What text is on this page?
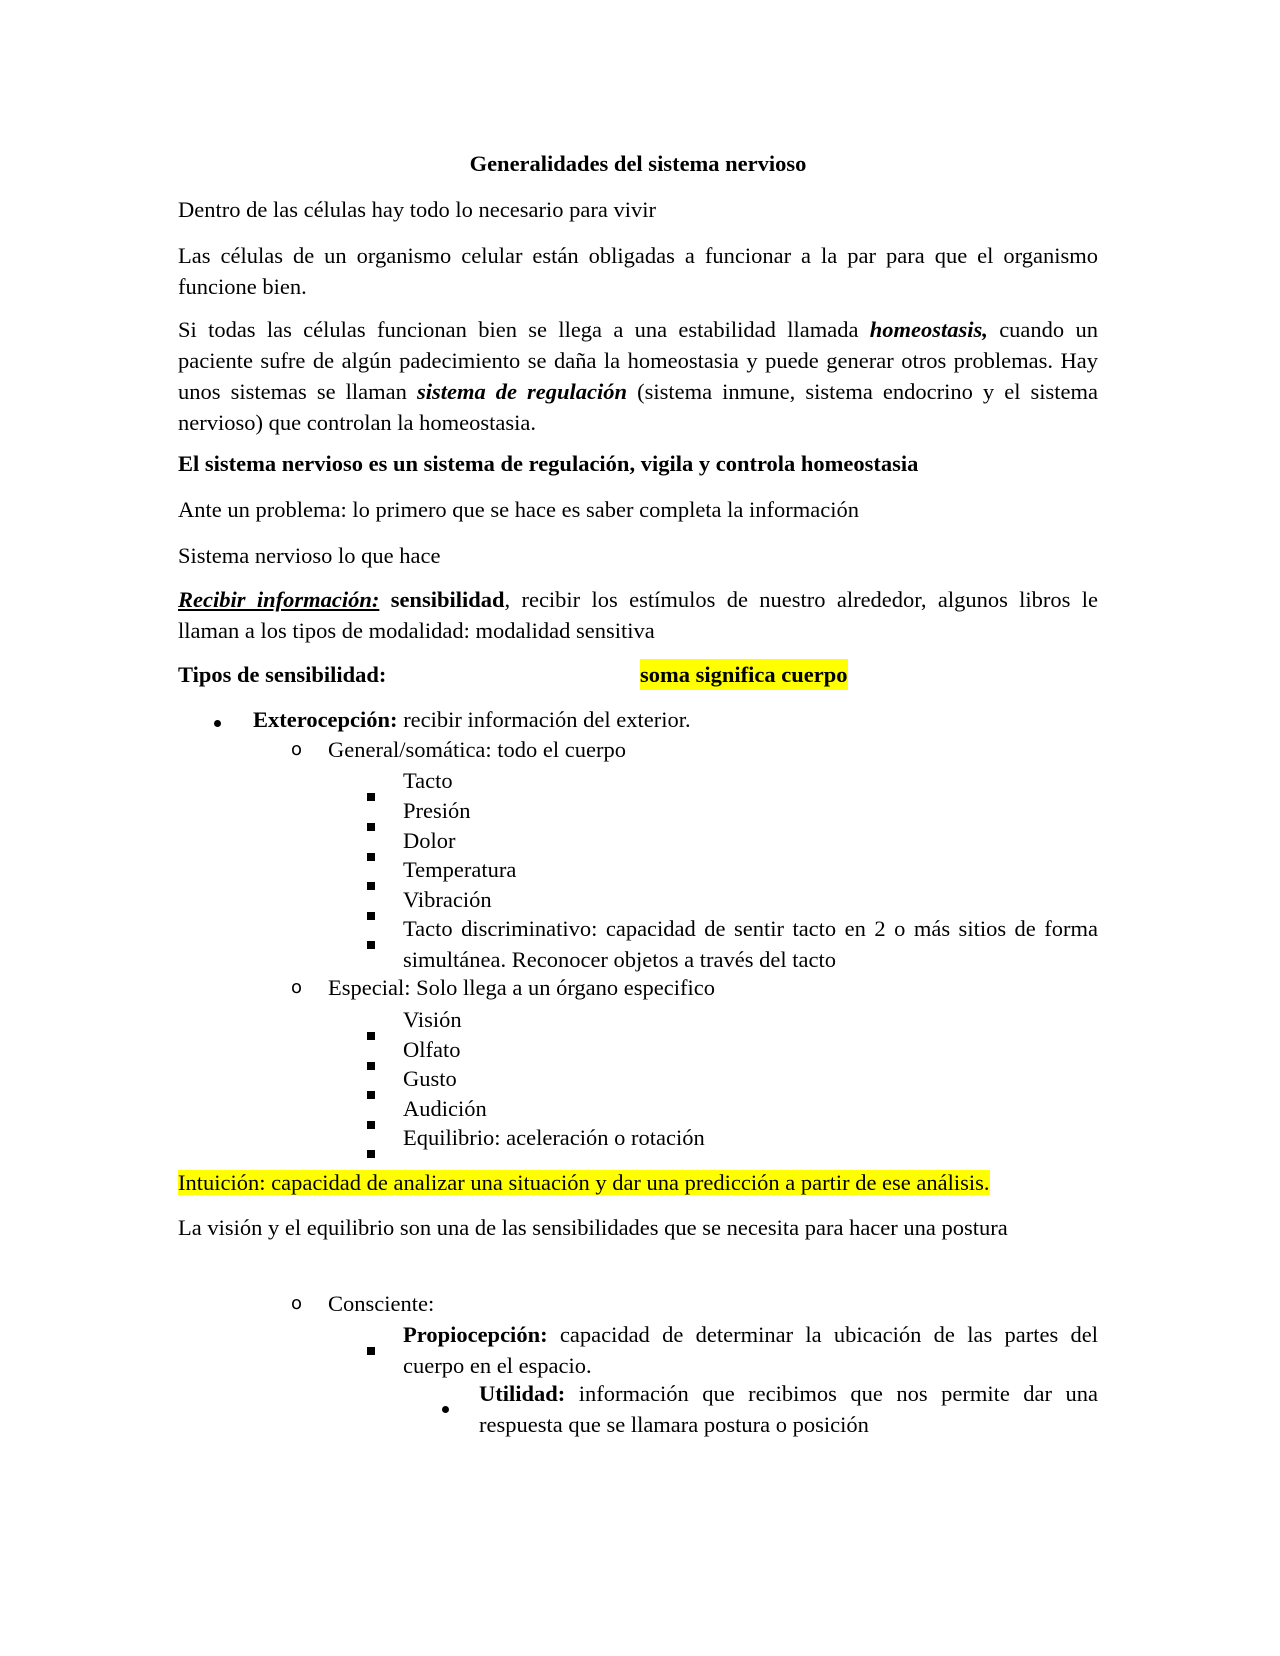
Generalidades del sistema nervioso

Dentro de las células hay todo lo necesario para vivir

Las células de un organismo celular están obligadas a funcionar a la par para que el organismo funcione bien.

Si todas las células funcionan bien se llega a una estabilidad llamada homeostasis, cuando un paciente sufre de algún padecimiento se daña la homeostasia y puede generar otros problemas. Hay unos sistemas se llaman sistema de regulación (sistema inmune, sistema endocrino y el sistema nervioso) que controlan la homeostasia.

El sistema nervioso es un sistema de regulación, vigila y controla homeostasia

Ante un problema: lo primero que se hace es saber completa la información

Sistema nervioso lo que hace

Recibir información: sensibilidad, recibir los estímulos de nuestro alrededor, algunos libros le llaman a los tipos de modalidad: modalidad sensitiva

Tipos de sensibilidad:	soma significa cuerpo
Exterocepción: recibir información del exterior.
o General/somática: todo el cuerpo
Tacto
Presión
Dolor
Temperatura
Vibración

Tacto discriminativo: capacidad de sentir tacto en 2 o más sitios de forma simultánea. Reconocer objetos a través del tacto

o Especial: Solo llega a un órgano especifico
Visión
Olfato
Gusto
Audición
Equilibrio: aceleración o rotación
Intuición: capacidad de analizar una situación y dar una predicción a partir de ese análisis.

La visión y el equilibrio son una de las sensibilidades que se necesita para hacer una postura

o Consciente:

Propiocepción: capacidad de determinar la ubicación de las partes del cuerpo en el espacio.

Utilidad: información que recibimos que nos permite dar una respuesta que se llamara postura o posición
